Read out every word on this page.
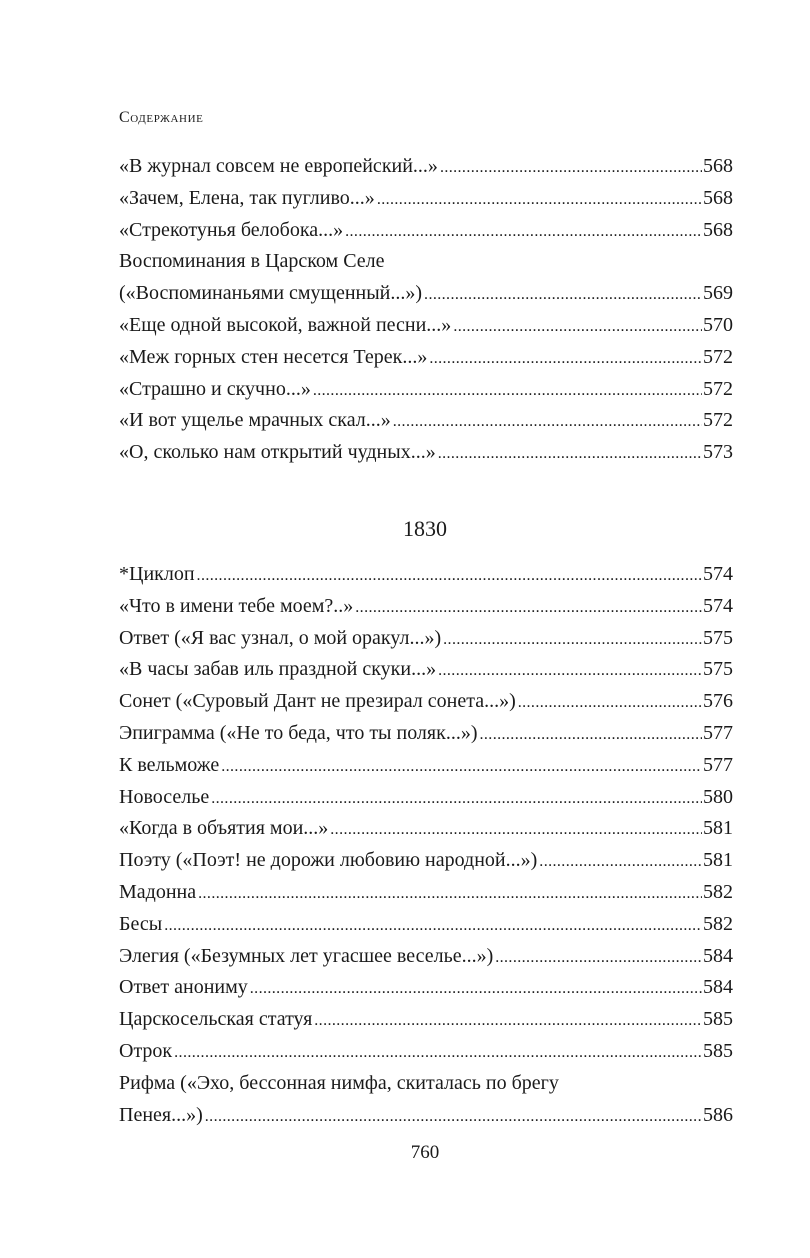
Содержание
«В журнал совсем не европейский...» .....	568
«Зачем, Елена, так пугливо...» .....	568
«Стрекотунья белобока...» .....	568
Воспоминания в Царском Селе
(«Воспоминаньями смущенный...») .....	569
«Еще одной высокой, важной песни...» .....	570
«Меж горных стен несется Терек...» .....	572
«Страшно и скучно...» .....	572
«И вот ущелье мрачных скал...» .....	572
«О, сколько нам открытий чудных...» .....	573
1830
*Циклоп .....	574
«Что в имени тебе моем?..» .....	574
Ответ («Я вас узнал, о мой оракул...») .....	575
«В часы забав иль праздной скуки...» .....	575
Сонет («Суровый Дант не презирал сонета...») .....	576
Эпиграмма («Не то беда, что ты поляк...») .....	577
К вельможе .....	577
Новоселье .....	580
«Когда в объятия мои...» .....	581
Поэту («Поэт! не дорожи любовию народной...») .....	581
Мадонна .....	582
Бесы .....	582
Элегия («Безумных лет угасшее веселье...») .....	584
Ответ анониму .....	584
Царскосельская статуя .....	585
Отрок .....	585
Рифма («Эхо, бессонная нимфа, скиталась по брегу
Пенея...») .....	586
760
